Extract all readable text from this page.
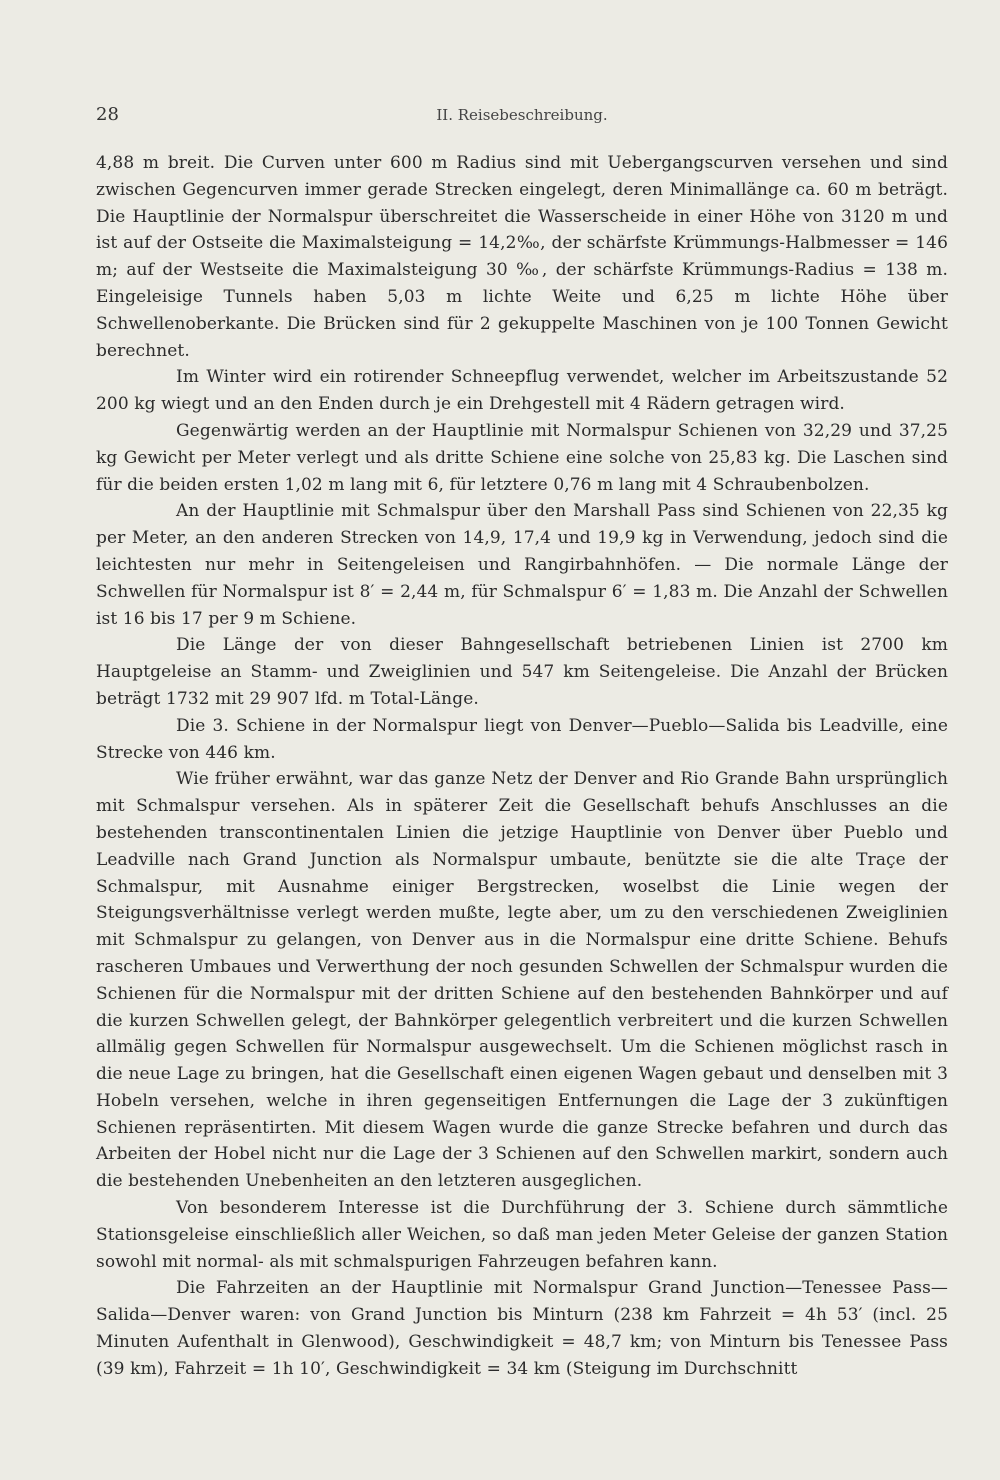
28	II. Reisebeschreibung.

4,88 m breit. Die Curven unter 600 m Radius sind mit Uebergangscurven versehen und sind zwischen Gegencurven immer gerade Strecken eingelegt, deren Minimallänge ca. 60 m beträgt. Die Hauptlinie der Normalspur überschreitet die Wasserscheide in einer Höhe von 3120 m und ist auf der Ostseite die Maximalsteigung = 14,2‰, der schärfste Krümmungs-Halbmesser = 146 m; auf der Westseite die Maximalsteigung 30 ‰, der schärfste Krümmungs-Radius = 138 m. Eingeleisige Tunnels haben 5,03 m lichte Weite und 6,25 m lichte Höhe über Schwellenoberkante. Die Brücken sind für 2 gekuppelte Maschinen von je 100 Tonnen Gewicht berechnet.

Im Winter wird ein rotirender Schneepflug verwendet, welcher im Arbeitszustande 52 200 kg wiegt und an den Enden durch je ein Drehgestell mit 4 Rädern getragen wird.

Gegenwärtig werden an der Hauptlinie mit Normalspur Schienen von 32,29 und 37,25 kg Gewicht per Meter verlegt und als dritte Schiene eine solche von 25,83 kg. Die Laschen sind für die beiden ersten 1,02 m lang mit 6, für letztere 0,76 m lang mit 4 Schraubenbolzen.

An der Hauptlinie mit Schmalspur über den Marshall Pass sind Schienen von 22,35 kg per Meter, an den anderen Strecken von 14,9, 17,4 und 19,9 kg in Verwendung, jedoch sind die leichtesten nur mehr in Seitengeleisen und Rangirbahnhöfen. — Die normale Länge der Schwellen für Normalspur ist 8′ = 2,44 m, für Schmalspur 6′ = 1,83 m. Die Anzahl der Schwellen ist 16 bis 17 per 9 m Schiene.

Die Länge der von dieser Bahngesellschaft betriebenen Linien ist 2700 km Hauptgeleise an Stamm- und Zweiglinien und 547 km Seitengeleise. Die Anzahl der Brücken beträgt 1732 mit 29 907 lfd. m Total-Länge.

Die 3. Schiene in der Normalspur liegt von Denver—Pueblo—Salida bis Leadville, eine Strecke von 446 km.

Wie früher erwähnt, war das ganze Netz der Denver and Rio Grande Bahn ursprünglich mit Schmalspur versehen. Als in späterer Zeit die Gesellschaft behufs Anschlusses an die bestehenden transcontinentalen Linien die jetzige Hauptlinie von Denver über Pueblo und Leadville nach Grand Junction als Normalspur umbaute, benützte sie die alte Traçe der Schmalspur, mit Ausnahme einiger Bergstrecken, woselbst die Linie wegen der Steigungsverhältnisse verlegt werden mußte, legte aber, um zu den verschiedenen Zweiglinien mit Schmalspur zu gelangen, von Denver aus in die Normalspur eine dritte Schiene. Behufs rascheren Umbaues und Verwerthung der noch gesunden Schwellen der Schmalspur wurden die Schienen für die Normalspur mit der dritten Schiene auf den bestehenden Bahnkörper und auf die kurzen Schwellen gelegt, der Bahnkörper gelegentlich verbreitert und die kurzen Schwellen allmälig gegen Schwellen für Normalspur ausgewechselt. Um die Schienen möglichst rasch in die neue Lage zu bringen, hat die Gesellschaft einen eigenen Wagen gebaut und denselben mit 3 Hobeln versehen, welche in ihren gegenseitigen Entfernungen die Lage der 3 zukünftigen Schienen repräsentirten. Mit diesem Wagen wurde die ganze Strecke befahren und durch das Arbeiten der Hobel nicht nur die Lage der 3 Schienen auf den Schwellen markirt, sondern auch die bestehenden Unebenheiten an den letzteren ausgeglichen.

Von besonderem Interesse ist die Durchführung der 3. Schiene durch sämmtliche Stationsgeleise einschließlich aller Weichen, so daß man jeden Meter Geleise der ganzen Station sowohl mit normal- als mit schmalspurigen Fahrzeugen befahren kann.

Die Fahrzeiten an der Hauptlinie mit Normalspur Grand Junction—Tenessee Pass—Salida—Denver waren: von Grand Junction bis Minturn (238 km Fahrzeit = 4h 53′ (incl. 25 Minuten Aufenthalt in Glenwood), Geschwindigkeit = 48,7 km; von Minturn bis Tenessee Pass (39 km), Fahrzeit = 1h 10′, Geschwindigkeit = 34 km (Steigung im Durchschnitt
